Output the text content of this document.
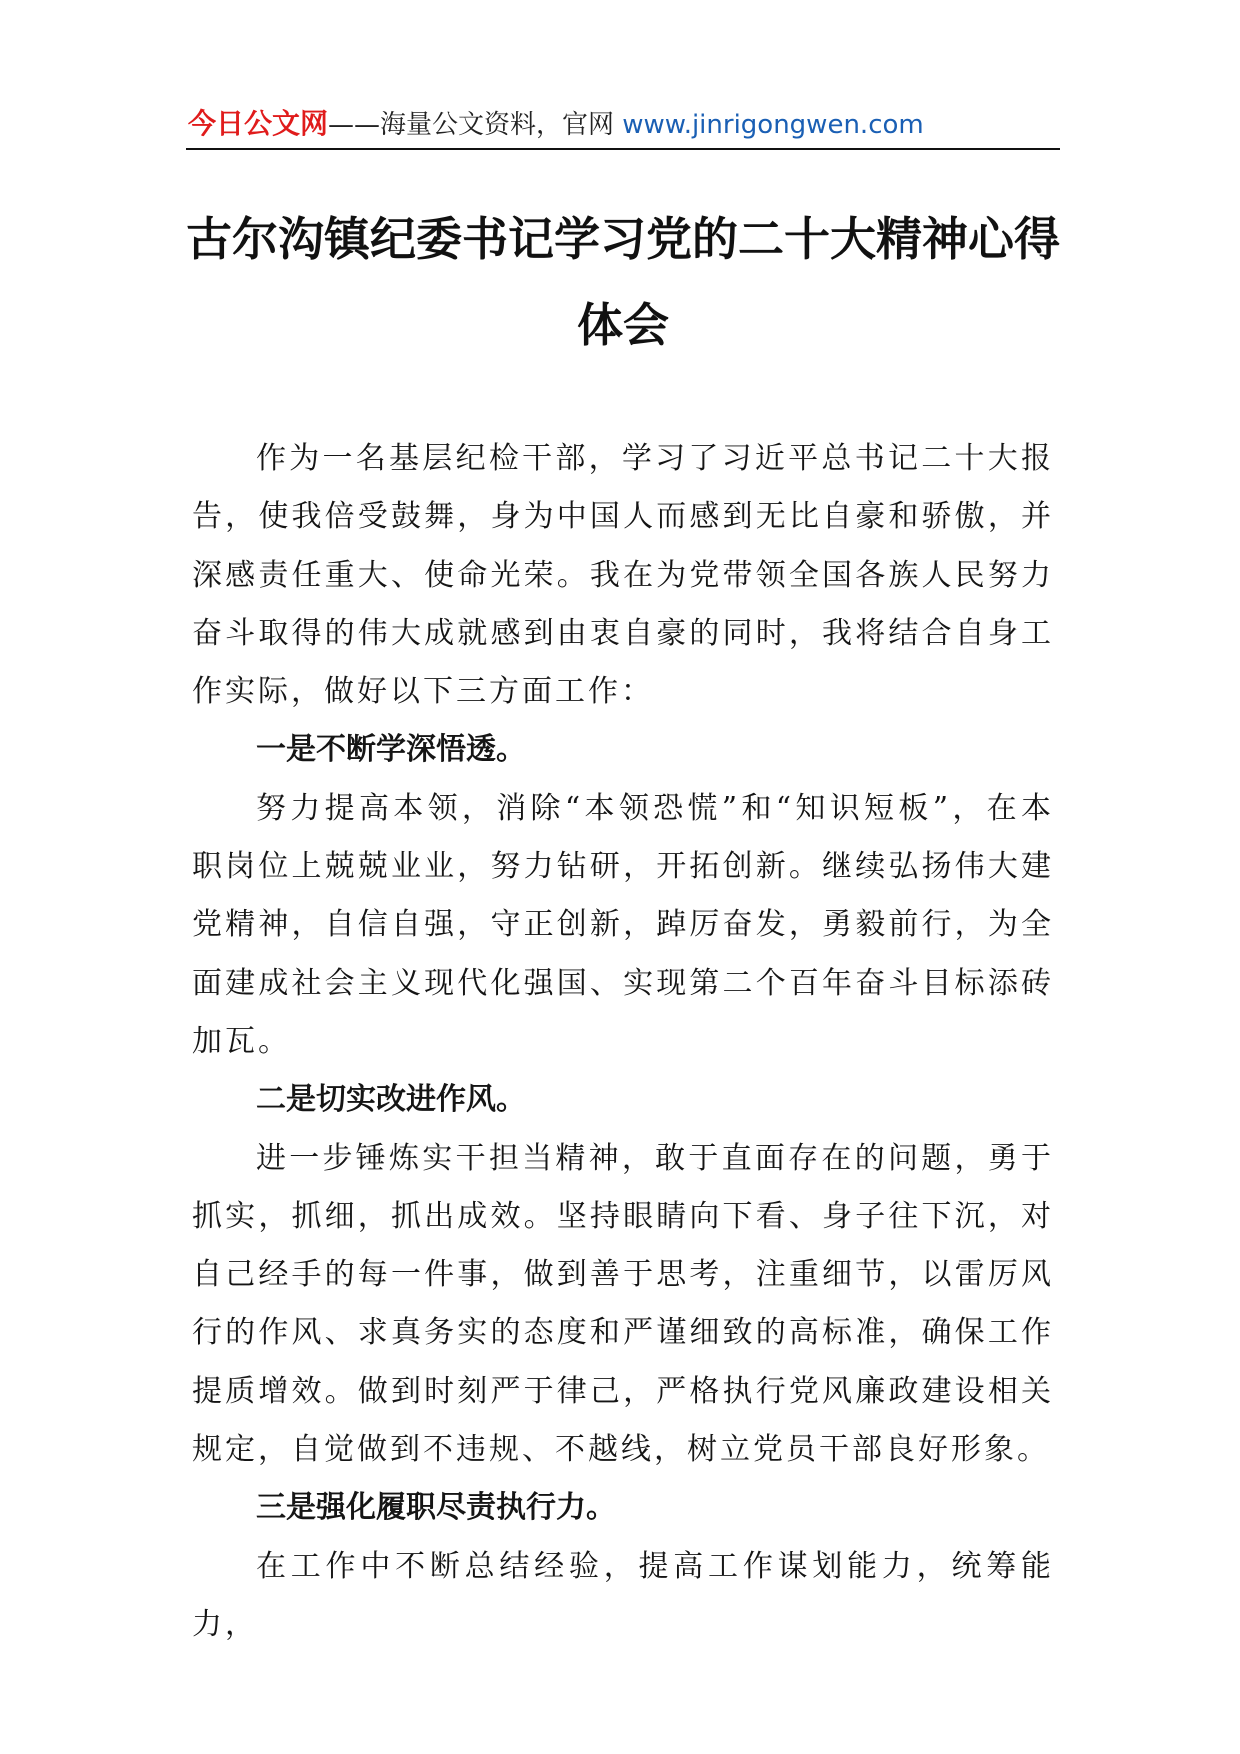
今日公文网——海量公文资料，官网 www.jinrigongwen.com
古尔沟镇纪委书记学习党的二十大精神心得体会

作为一名基层纪检干部，学习了习近平总书记二十大报告，使我倍受鼓舞，身为中国人而感到无比自豪和骄傲，并深感责任重大、使命光荣。我在为党带领全国各族人民努力奋斗取得的伟大成就感到由衷自豪的同时，我将结合自身工作实际，做好以下三方面工作：

一是不断学深悟透。

努力提高本领，消除“本领恐慌”和“知识短板”，在本职岗位上兢兢业业，努力钻研，开拓创新。继续弘扬伟大建党精神，自信自强，守正创新，踔厉奋发，勇毅前行，为全面建成社会主义现代化强国、实现第二个百年奋斗目标添砖加瓦。

二是切实改进作风。

进一步锤炼实干担当精神，敢于直面存在的问题，勇于抓实，抓细，抓出成效。坚持眼睛向下看、身子往下沉，对自己经手的每一件事，做到善于思考，注重细节，以雷厉风行的作风、求真务实的态度和严谨细致的高标准，确保工作提质增效。做到时刻严于律己，严格执行党风廉政建设相关规定，自觉做到不违规、不越线，树立党员干部良好形象。

三是强化履职尽责执行力。

在工作中不断总结经验，提高工作谋划能力，统筹能力，
